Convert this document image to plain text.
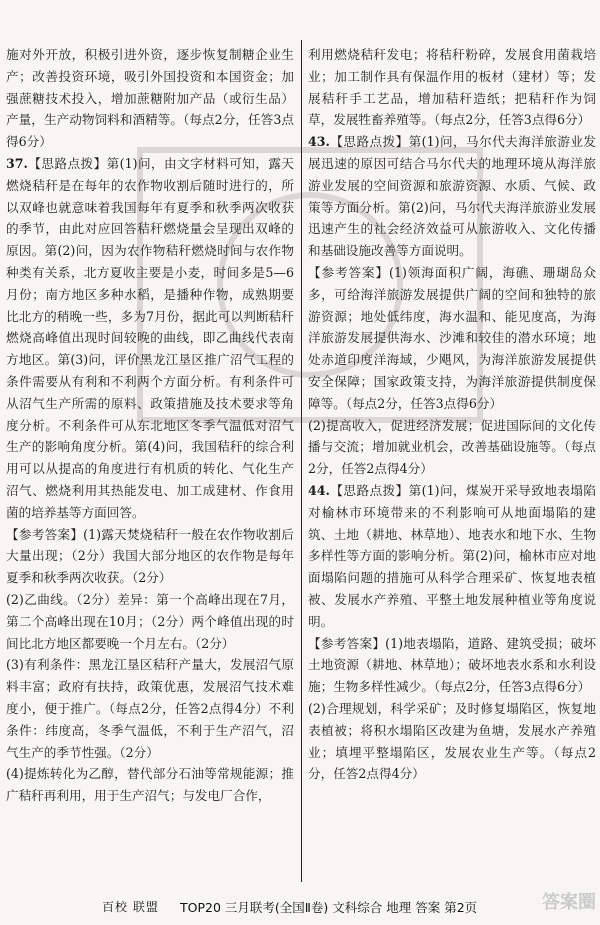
施对外开放，积极引进外资，逐步恢复制糖企业生产；改善投资环境，吸引外国投资和本国资金；加强蔗糖技术投入，增加蔗糖附加产品（或衍生品）产量，生产动物饲料和酒精等。（每点2分，任答3点得6分）

37.【思路点拨】第(1)问，由文字材料可知，露天燃烧秸秆是在每年的农作物收割后随时进行的，所以双峰也就意味着我国每年有夏季和秋季两次收获的季节，由此对应回答秸秆燃烧量会呈现出双峰的原因。第(2)问，因为农作物秸秆燃烧时间与农作物种类有关系，北方夏收主要是小麦，时间多是5—6月份；南方地区多种水稻，是播种作物，成熟期要比北方的稍晚一些，多为7月份，据此可以判断秸秆燃烧高峰值出现时间较晚的曲线，即乙曲线代表南方地区。第(3)问，评价黑龙江垦区推广沼气工程的条件需要从有利和不利两个方面分析。有利条件可从沼气生产所需的原料、政策措施及技术要求等角度分析。不利条件可从东北地区冬季气温低对沼气生产的影响角度分析。第(4)问，我国秸秆的综合利用可以从提高的角度进行有机质的转化、气化生产沼气、燃烧利用其热能发电、加工成建材、作食用菌的培养基等方面回答。

【参考答案】(1)露天焚烧秸秆一般在农作物收割后大量出现；（2分）我国大部分地区的农作物是每年夏季和秋季两次收获。（2分）

(2)乙曲线。（2分）差异：第一个高峰出现在7月，第二个高峰出现在10月；（2分）两个峰值出现的时间比北方地区都要晚一个月左右。（2分）

(3)有利条件：黑龙江垦区秸秆产量大，发展沼气原料丰富；政府有扶持，政策优惠，发展沼气技术难度小，便于推广。（每点2分，任答2点得4分）不利条件：纬度高，冬季气温低，不利于生产沼气，沼气生产的季节性强。（2分）

(4)提炼转化为乙醇，替代部分石油等常规能源；推广秸秆再利用，用于生产沼气；与发电厂合作，

利用燃烧秸秆发电；将秸秆粉碎，发展食用菌栽培业；加工制作具有保温作用的板材（建材）等；发展秸秆手工艺品，增加秸秆造纸；把秸秆作为饲草，发展牲畜养殖等。（每点2分，任答3点得6分）

43.【思路点拨】第(1)问，马尔代夫海洋旅游业发展迅速的原因可结合马尔代夫的地理环境从海洋旅游业发展的空间资源和旅游资源、水质、气候、政策等方面分析。第(2)问，马尔代夫海洋旅游业发展迅速产生的社会经济效益可从旅游收入、文化传播和基础设施改善等方面说明。

【参考答案】(1)领海面积广阔，海礁、珊瑚岛众多，可给海洋旅游发展提供广阔的空间和独特的旅游资源；地处低纬度，海水温和、能见度高，为海洋旅游发展提供海水、沙滩和较佳的潜水环境；地处赤道印度洋海域，少飓风，为海洋旅游发展提供安全保障；国家政策支持，为海洋旅游提供制度保障等。（每点2分，任答3点得6分）

(2)提高收入，促进经济发展；促进国际间的文化传播与交流；增加就业机会，改善基础设施等。（每点2分，任答2点得4分）

44.【思路点拨】第(1)问，煤炭开采导致地表塌陷对榆林市环境带来的不利影响可从地面塌陷的建筑、土地（耕地、林草地）、地表水和地下水、生物多样性等方面的影响分析。第(2)问，榆林市应对地面塌陷问题的措施可从科学合理采矿、恢复地表植被、发展水产养殖、平整土地发展种植业等角度说明。

【参考答案】(1)地表塌陷，道路、建筑受损；破坏土地资源（耕地、林草地）；破坏地表水系和水利设施；生物多样性减少。（每点2分，任答3点得6分）

(2)合理规划，科学采矿；及时修复塌陷区，恢复地表植被；将积水塌陷区改建为鱼塘，发展水产养殖业；填埋平整塌陷区，发展农业生产等。（每点2分，任答2点得4分）

百校 联盟 TOP20 三月联考(全国Ⅱ卷) 文科综合 地理 答案 第2页	答案圈
